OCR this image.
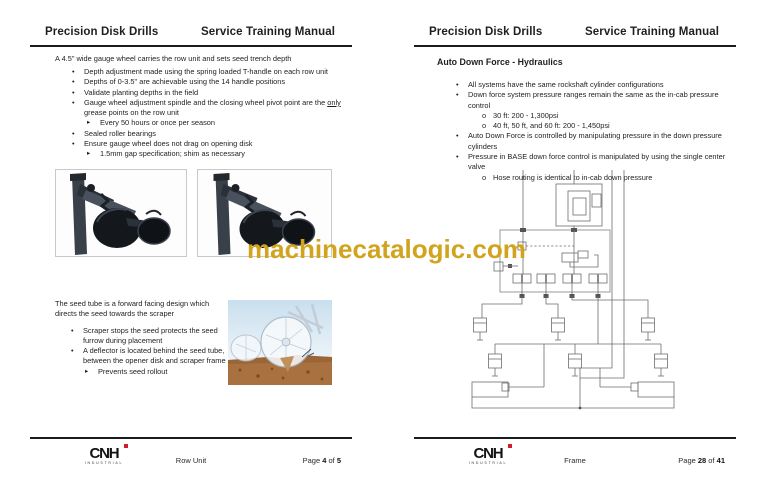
Precision Disk Drills	Service Training Manual
A 4.5" wide gauge wheel carries the row unit and sets seed trench depth
•	Depth adjustment made using the spring loaded T-handle on each row unit
•	Depths of 0-3.5" are achievable using the 14 handle positions
•	Validate planting depths in the field
•	Gauge wheel adjustment spindle and the closing wheel pivot point are the only grease points on the row unit
▸	Every 50 hours or once per season
•	Sealed roller bearings
•	Ensure gauge wheel does not drag on opening disk
▸	1.5mm gap specification; shim as necessary
The seed tube is a forward facing design which directs the seed towards the scraper
•	Scraper stops the seed protects the seed furrow during placement
•	A deflector is located behind the seed tube, between the opener disk and scraper frame
▸	Prevents seed rollout
CNH
INDUSTRIAL	Row Unit	Page 4 of 5
Precision Disk Drills	Service Training Manual
Auto Down Force - Hydraulics
•	All systems have the same rockshaft cylinder configurations
•	Down force system pressure ranges remain the same as the in-cab pressure control
o 30 ft: 200 - 1,300psi
o 40 ft, 50 ft, and 60 ft: 200 - 1,450psi
•	Auto Down Force is controlled by manipulating pressure in the down pressure cylinders
•	Pressure in BASE down force control is manipulated by using the single center valve
o Hose routing is identical to in-cab down pressure
CNH
INDUSTRIAL	Frame	Page 28 of 41
machinecatalogic.com
